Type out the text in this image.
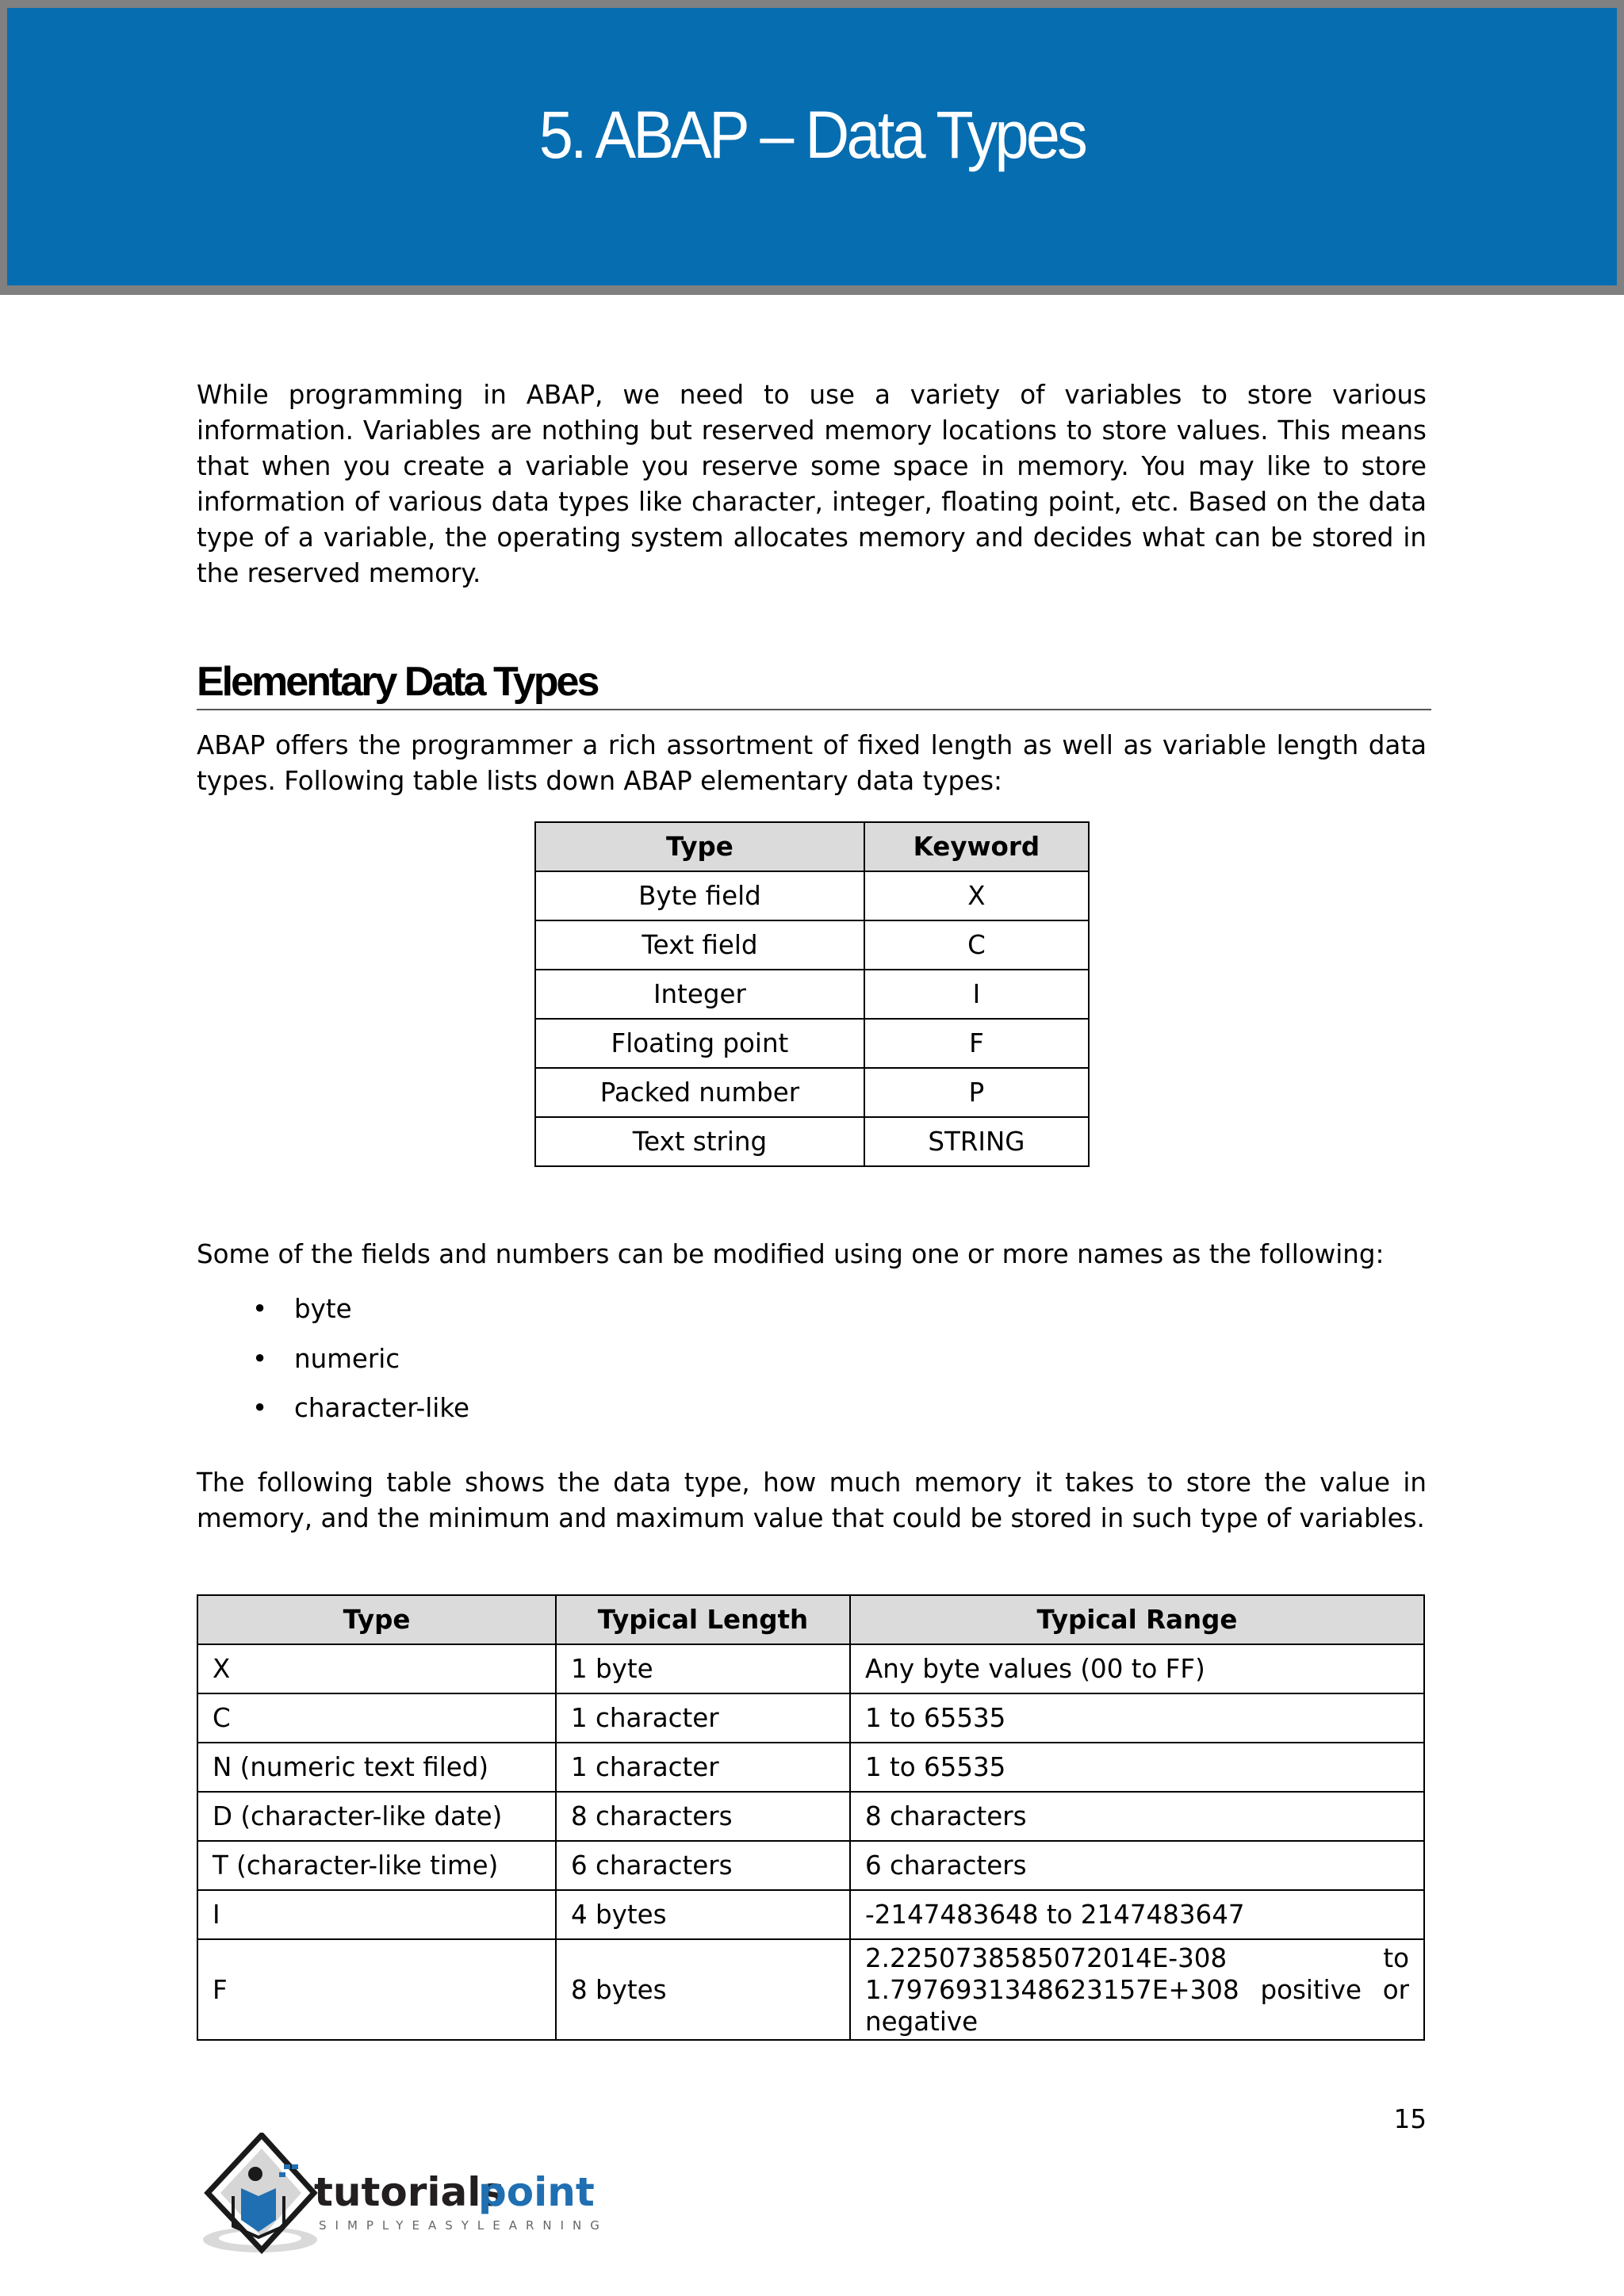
5. ABAP – Data Types

While programming in ABAP, we need to use a variety of variables to store various information. Variables are nothing but reserved memory locations to store values. This means that when you create a variable you reserve some space in memory. You may like to store information of various data types like character, integer, floating point, etc. Based on the data type of a variable, the operating system allocates memory and decides what can be stored in the reserved memory.

Elementary Data Types

ABAP offers the programmer a rich assortment of fixed length as well as variable length data types. Following table lists down ABAP elementary data types:

Type	Keyword
Byte field	X
Text field	C
Integer	I
Floating point	F
Packed number	P
Text string	STRING

Some of the fields and numbers can be modified using one or more names as the following:

• byte
• numeric
• character-like

The following table shows the data type, how much memory it takes to store the value in memory, and the minimum and maximum value that could be stored in such type of variables.

Type	Typical Length	Typical Range
X	1 byte	Any byte values (00 to FF)
C	1 character	1 to 65535
N (numeric text filed)	1 character	1 to 65535
D (character-like date)	8 characters	8 characters
T (character-like time)	6 characters	6 characters
I	4 bytes	-2147483648 to 2147483647
F	8 bytes	2.2250738585072014E-308 to 1.7976931348623157E+308 positive or negative
15
tutorials
point
SIMPLYEASYLEARNING
